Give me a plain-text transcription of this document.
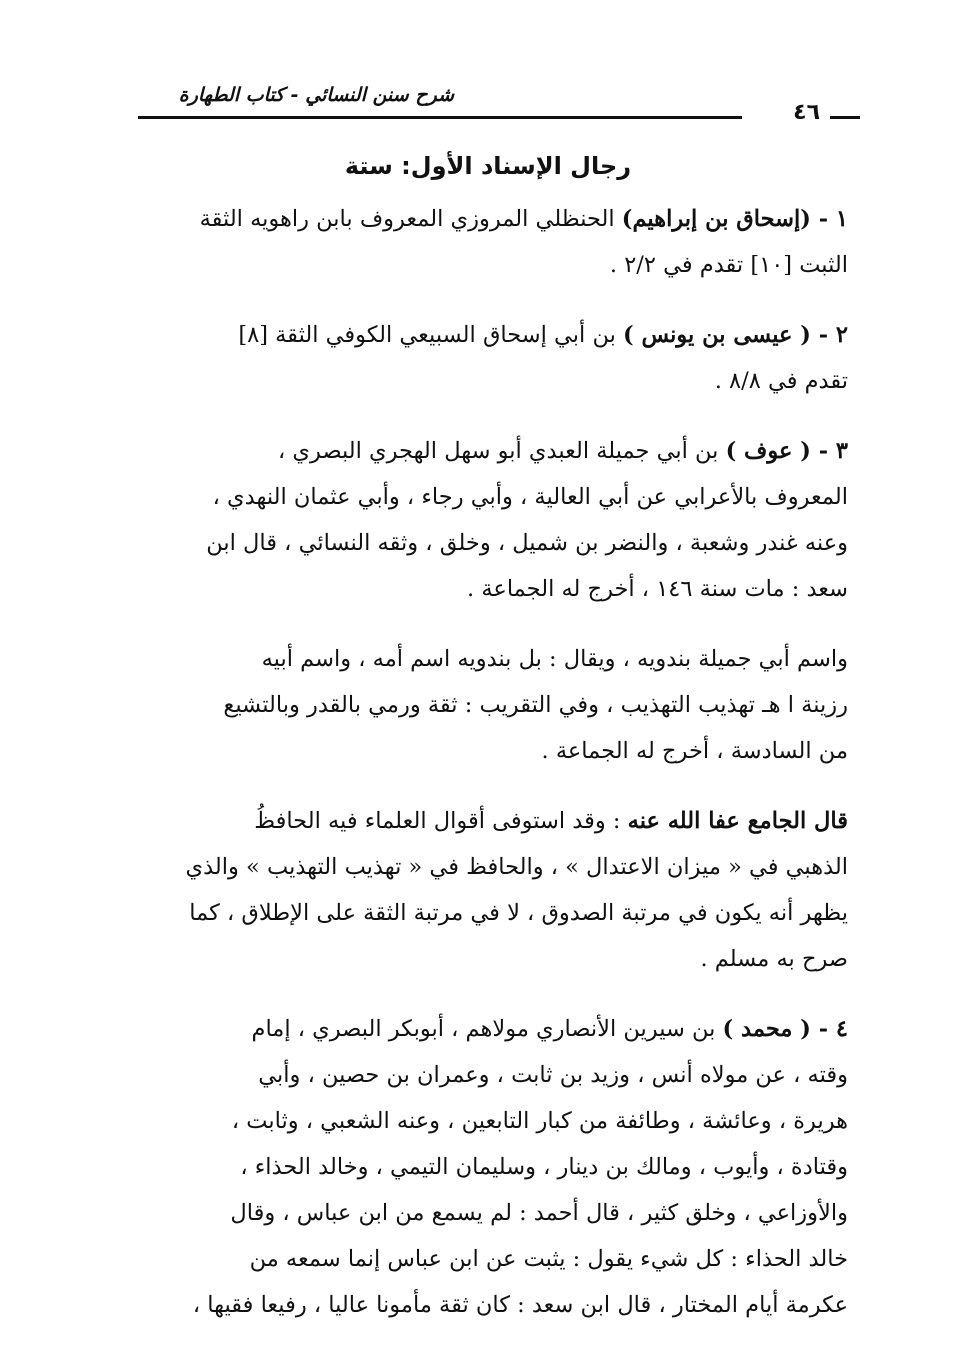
شرح سنن النسائي - كتاب الطهارة
٤٦
رجال الإسناد الأول: ستة
١ - (إسحاق بن إبراهيم) الحنظلي المروزي المعروف بابن راهويه الثقة
الثبت [١٠] تقدم في ٢/٢ .
٢ - ( عيسى بن يونس ) بن أبي إسحاق السبيعي الكوفي الثقة [٨]
تقدم في ٨/٨ .
٣ - ( عوف ) بن أبي جميلة العبدي أبو سهل الهجري البصري ،
المعروف بالأعرابي عن أبي العالية ، وأبي رجاء ، وأبي عثمان النهدي ،
وعنه غندر وشعبة ، والنضر بن شميل ، وخلق ، وثقه النسائي ، قال ابن
سعد : مات سنة ١٤٦ ، أخرج له الجماعة .
واسم أبي جميلة بندويه ، ويقال : بل بندويه اسم أمه ، واسم أبيه
رزينة ا هـ تهذيب التهذيب ، وفي التقريب : ثقة ورمي بالقدر وبالتشيع
من السادسة ، أخرج له الجماعة .
قال الجامع عفا الله عنه : وقد استوفى أقوال العلماء فيه الحافظُ
الذهبي في « ميزان الاعتدال » ، والحافظ في « تهذيب التهذيب » والذي
يظهر أنه يكون في مرتبة الصدوق ، لا في مرتبة الثقة على الإطلاق ، كما
صرح به مسلم .
٤ - ( محمد ) بن سيرين الأنصاري مولاهم ، أبوبكر البصري ، إمام
وقته ، عن مولاه أنس ، وزيد بن ثابت ، وعمران بن حصين ، وأبي
هريرة ، وعائشة ، وطائفة من كبار التابعين ، وعنه الشعبي ، وثابت ،
وقتادة ، وأيوب ، ومالك بن دينار ، وسليمان التيمي ، وخالد الحذاء ،
والأوزاعي ، وخلق كثير ، قال أحمد : لم يسمع من ابن عباس ، وقال
خالد الحذاء : كل شيء يقول : يثبت عن ابن عباس إنما سمعه من
عكرمة أيام المختار ، قال ابن سعد : كان ثقة مأمونا عاليا ، رفيعا فقيها ،
